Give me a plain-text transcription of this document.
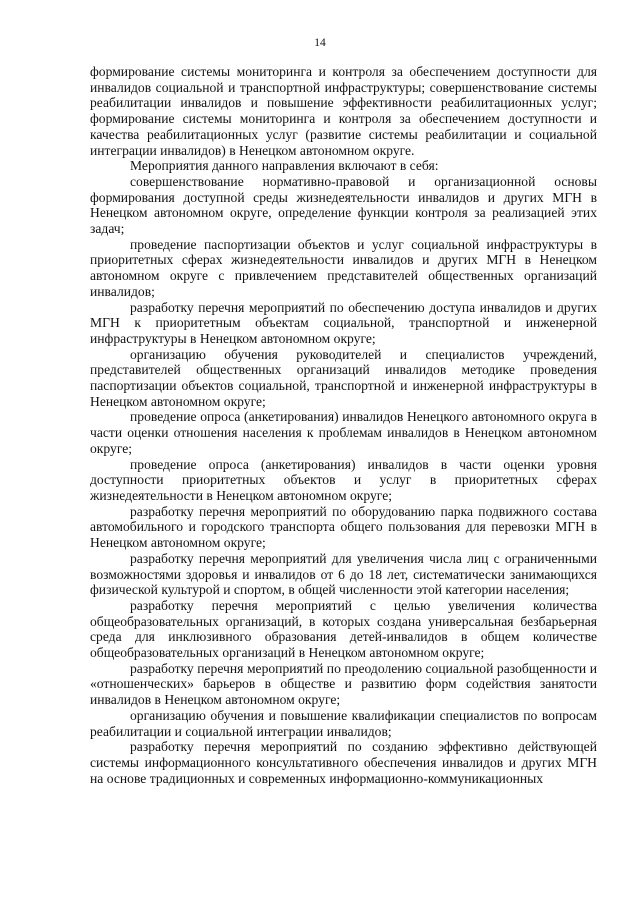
14

формирование системы мониторинга и контроля за обеспечением доступности для инвалидов социальной и транспортной инфраструктуры; совершенствование системы реабилитации инвалидов и повышение эффективности реабилитационных услуг; формирование системы мониторинга и контроля за обеспечением доступности и качества реабилитационных услуг (развитие системы реабилитации и социальной интеграции инвалидов) в Ненецком автономном округе.

Мероприятия данного направления включают в себя:

совершенствование нормативно-правовой и организационной основы формирования доступной среды жизнедеятельности инвалидов и других МГН в Ненецком автономном округе, определение функции контроля за реализацией этих задач;

проведение паспортизации объектов и услуг социальной инфраструктуры в приоритетных сферах жизнедеятельности инвалидов и других МГН в Ненецком автономном округе с привлечением представителей общественных организаций инвалидов;

разработку перечня мероприятий по обеспечению доступа инвалидов и других МГН к приоритетным объектам социальной, транспортной и инженерной инфраструктуры в Ненецком автономном округе;

организацию обучения руководителей и специалистов учреждений, представителей общественных организаций инвалидов методике проведения паспортизации объектов социальной, транспортной и инженерной инфраструктуры в Ненецком автономном округе;

проведение опроса (анкетирования) инвалидов Ненецкого автономного округа в части оценки отношения населения к проблемам инвалидов в Ненецком автономном округе;

проведение опроса (анкетирования) инвалидов в части оценки уровня доступности приоритетных объектов и услуг в приоритетных сферах жизнедеятельности в Ненецком автономном округе;

разработку перечня мероприятий по оборудованию парка подвижного состава автомобильного и городского транспорта общего пользования для перевозки МГН в Ненецком автономном округе;

разработку перечня мероприятий для увеличения числа лиц с ограниченными возможностями здоровья и инвалидов от 6 до 18 лет, систематически занимающихся физической культурой и спортом, в общей численности этой категории населения;

разработку перечня мероприятий с целью увеличения количества общеобразовательных организаций, в которых создана универсальная безбарьерная среда для инклюзивного образования детей-инвалидов в общем количестве общеобразовательных организаций в Ненецком автономном округе;

разработку перечня мероприятий по преодолению социальной разобщенности и «отношенческих» барьеров в обществе и развитию форм содействия занятости инвалидов в Ненецком автономном округе;

организацию обучения и повышение квалификации специалистов по вопросам реабилитации и социальной интеграции инвалидов;

разработку перечня мероприятий по созданию эффективно действующей системы информационного консультативного обеспечения инвалидов и других МГН на основе традиционных и современных информационно-коммуникационных
